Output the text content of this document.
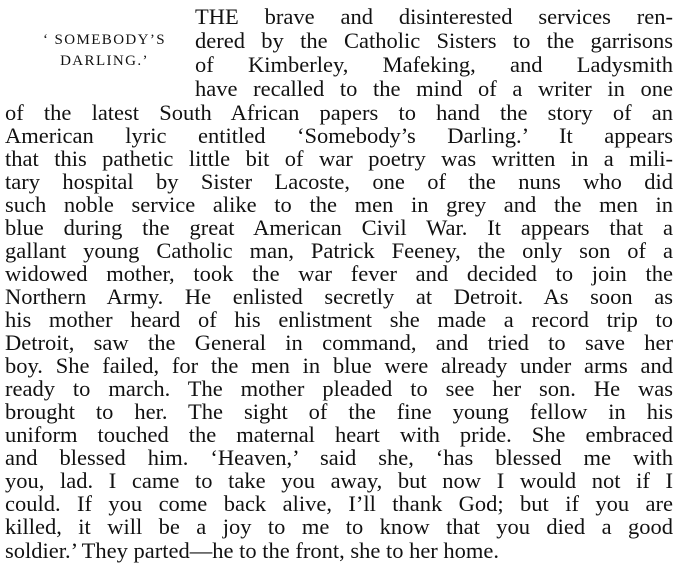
‘ SOMEBODY’S
DARLING.’
THE brave and disinterested services ren-
dered by the Catholic Sisters to the garrisons
of Kimberley, Mafeking, and Ladysmith
have recalled to the mind of a writer in one
of the latest South African papers to hand the story of an
American lyric entitled ‘Somebody’s Darling.’ It appears
that this pathetic little bit of war poetry was written in a mili-
tary hospital by Sister Lacoste, one of the nuns who did
such noble service alike to the men in grey and the men in
blue during the great American Civil War. It appears that a
gallant young Catholic man, Patrick Feeney, the only son of a
widowed mother, took the war fever and decided to join the
Northern Army. He enlisted secretly at Detroit. As soon as
his mother heard of his enlistment she made a record trip to
Detroit, saw the General in command, and tried to save her
boy. She failed, for the men in blue were already under arms and
ready to march. The mother pleaded to see her son. He was
brought to her. The sight of the fine young fellow in his
uniform touched the maternal heart with pride. She embraced
and blessed him. ‘Heaven,’ said she, ‘has blessed me with
you, lad. I came to take you away, but now I would not if I
could. If you come back alive, I’ll thank God; but if you are
killed, it will be a joy to me to know that you died a good
soldier.’ They parted—he to the front, she to her home.
